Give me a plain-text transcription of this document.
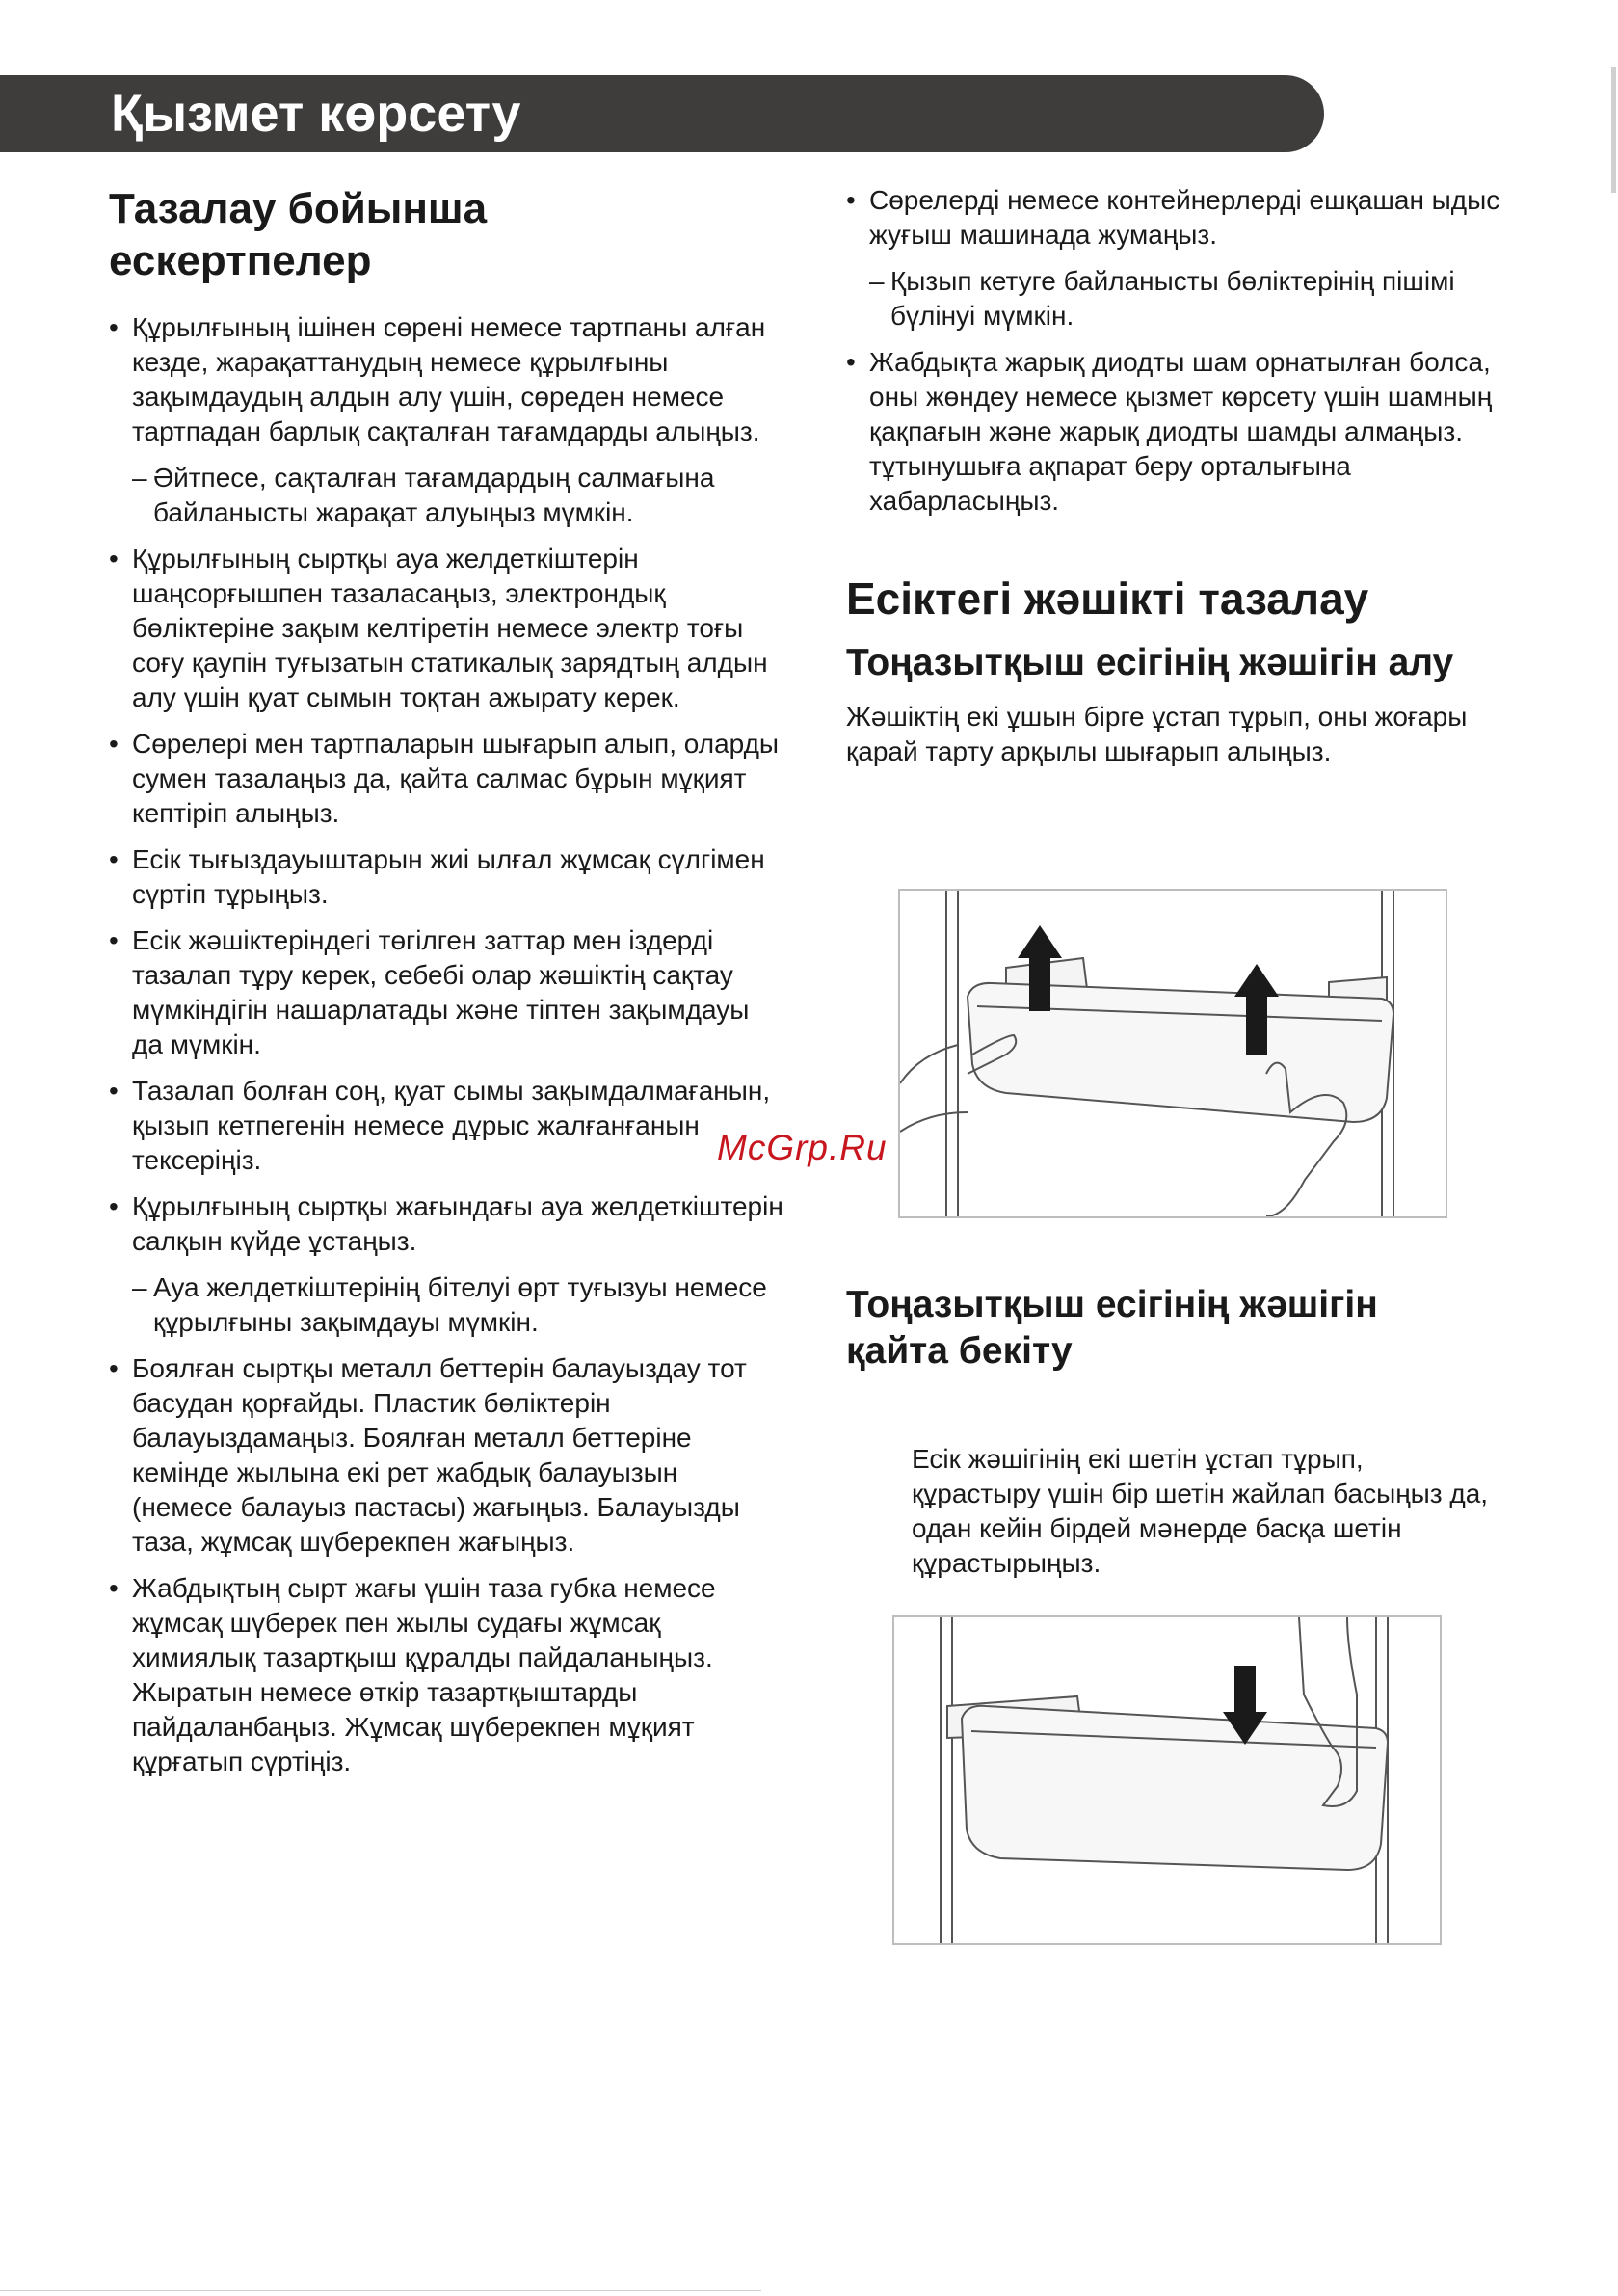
Қызмет көрсету
Тазалау бойынша
ескертпелер
• Құрылғының ішінен сөрені немесе тартпаны алған кезде, жарақаттанудың немесе құрылғыны зақымдаудың алдын алу үшін, сөреден немесе тартпадан барлық сақталған тағамдарды алыңыз.

– Әйтпесе, сақталған тағамдардың салмағына байланысты жарақат алуыңыз мүмкін.

• Құрылғының сыртқы ауа желдеткіштерін шаңсорғышпен тазаласаңыз, электрондық бөліктеріне зақым келтіретін немесе электр тоғы соғу қаупін туғызатын статикалық зарядтың алдын алу үшін қуат сымын тоқтан ажырату керек.
• Сөрелері мен тартпаларын шығарып алып, оларды сумен тазалаңыз да, қайта салмас бұрын мұқият кептіріп алыңыз.
• Есік тығыздауыштарын жиі ылғал жұмсақ сүлгімен сүртіп тұрыңыз.
• Есік жәшіктеріндегі төгілген заттар мен іздерді тазалап тұру керек, себебі олар жәшіктің сақтау мүмкіндігін нашарлатады және тіптен зақымдауы да мүмкін.
• Тазалап болған соң, қуат сымы зақымдалмағанын, қызып кетпегенін немесе дұрыс жалғанғанын тексеріңіз.
• Құрылғының сыртқы жағындағы ауа желдеткіштерін салқын күйде ұстаңыз.

– Ауа желдеткіштерінің бітелуі өрт туғызуы немесе құрылғыны зақымдауы мүмкін.

• Боялған сыртқы металл беттерін балауыздау тот басудан қорғайды. Пластик бөліктерін балауыздамаңыз. Боялған металл беттеріне кемінде жылына екі рет жабдық балауызын (немесе балауыз пастасы) жағыңыз. Балауызды таза, жұмсақ шүберекпен жағыңыз.
• Жабдықтың сырт жағы үшін таза губка немесе жұмсақ шүберек пен жылы судағы жұмсақ химиялық тазартқыш құралды пайдаланыңыз. Жыратын немесе өткір тазартқыштарды пайдаланбаңыз. Жұмсақ шүберекпен мұқият құрғатып сүртіңіз.
• Сөрелерді немесе контейнерлерді ешқашан ыдыс жуғыш машинада жумаңыз.

– Қызып кетуге байланысты бөліктерінің пішімі бүлінуі мүмкін.

• Жабдықта жарық диодты шам орнатылған болса, оны жөндеу немесе қызмет көрсету үшін шамның қақпағын және жарық диодты шамды алмаңыз.
тұтынушыға ақпарат беру орталығына хабарласыңыз.
Есіктегі жәшікті тазалау
Тоңазытқыш есігінің жәшігін алу

Жәшіктің екі ұшын бірге ұстап тұрып, оны жоғары қарай тарту арқылы шығарып алыңыз.

Тоңазытқыш есігінің жәшігін
қайта бекіту

Есік жәшігінің екі шетін ұстап тұрып, құрастыру үшін бір шетін жайлап басыңыз да, одан кейін бірдей мәнерде басқа шетін құрастырыңыз.

McGrp.Ru
